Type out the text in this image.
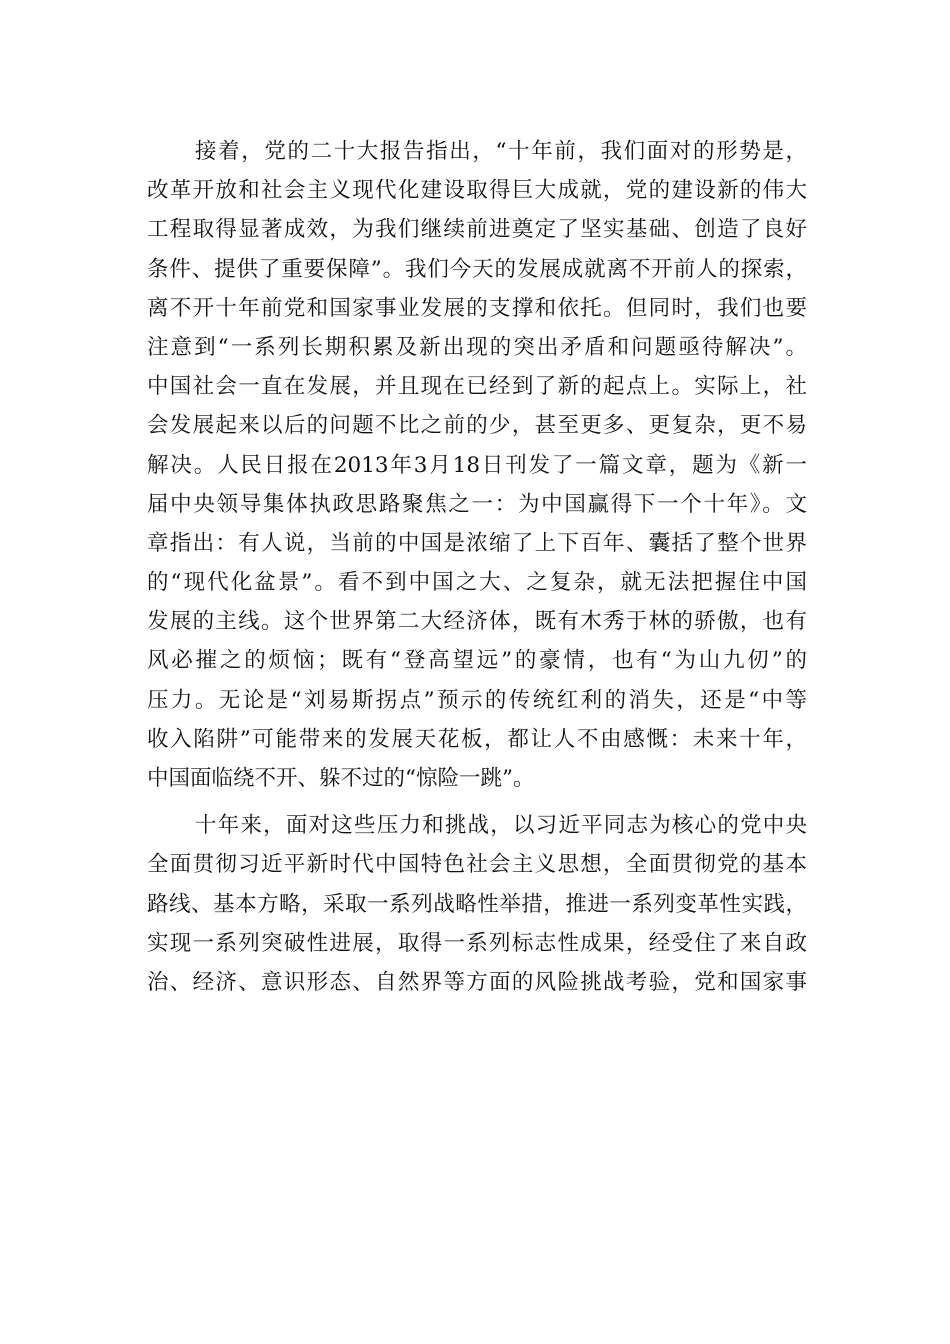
接着，党的二十大报告指出，“十年前，我们面对的形势是，
改革开放和社会主义现代化建设取得巨大成就，党的建设新的伟大
工程取得显著成效，为我们继续前进奠定了坚实基础、创造了良好
条件、提供了重要保障”。我们今天的发展成就离不开前人的探索，
离不开十年前党和国家事业发展的支撑和依托。但同时，我们也要
注意到“一系列长期积累及新出现的突出矛盾和问题亟待解决”。
中国社会一直在发展，并且现在已经到了新的起点上。实际上，社
会发展起来以后的问题不比之前的少，甚至更多、更复杂，更不易
解决。人民日报在2013年3月18日刊发了一篇文章，题为《新一
届中央领导集体执政思路聚焦之一：为中国赢得下一个十年》。文
章指出：有人说，当前的中国是浓缩了上下百年、囊括了整个世界
的“现代化盆景”。看不到中国之大、之复杂，就无法把握住中国
发展的主线。这个世界第二大经济体，既有木秀于林的骄傲，也有
风必摧之的烦恼；既有“登高望远”的豪情，也有“为山九仞”的
压力。无论是“刘易斯拐点”预示的传统红利的消失，还是“中等
收入陷阱”可能带来的发展天花板，都让人不由感慨：未来十年，
中国面临绕不开、躲不过的“惊险一跳”。
十年来，面对这些压力和挑战，以习近平同志为核心的党中央
全面贯彻习近平新时代中国特色社会主义思想，全面贯彻党的基本
路线、基本方略，采取一系列战略性举措，推进一系列变革性实践，
实现一系列突破性进展，取得一系列标志性成果，经受住了来自政
治、经济、意识形态、自然界等方面的风险挑战考验，党和国家事
